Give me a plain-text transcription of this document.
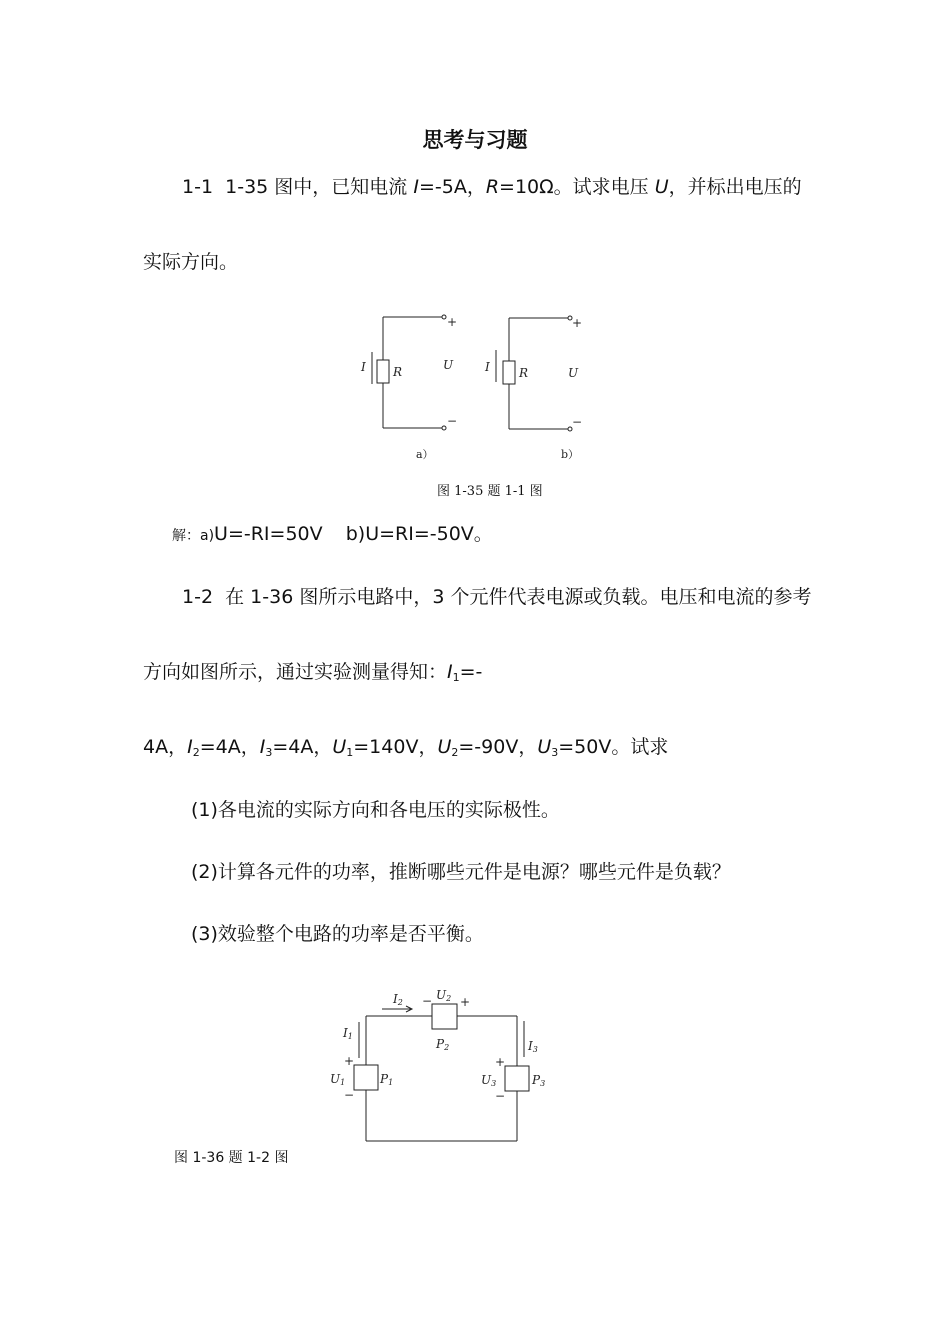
思考与习题
1-1 1-35 图中，已知电流 I=-5A，R=10Ω。试求电压 U，并标出电压的
实际方向。
I R	U	I R	U
+
−
+
−
a）	b）
图 1-35 题 1-1 图
解：a)U=-RI=50V b)U=RI=-50V。
1-2 在 1-36 图所示电路中，3 个元件代表电源或负载。电压和电流的参考
方向如图所示，通过实验测量得知：$I_1=-$
4A，$I_2=4A$，$I_3=4A$，$U_1=140V$，$U_2=-90V$，$U_3=50V$。试求
(1)各电流的实际方向和各电压的实际极性。
(2)计算各元件的功率，推断哪些元件是电源？哪些元件是负载？
(3)效验整个电路的功率是否平衡。
I2 − U2 +
P2
I1
+
U1
−
P1
I3
+
U3
−
P3
图 1-36 题 1-2 图
